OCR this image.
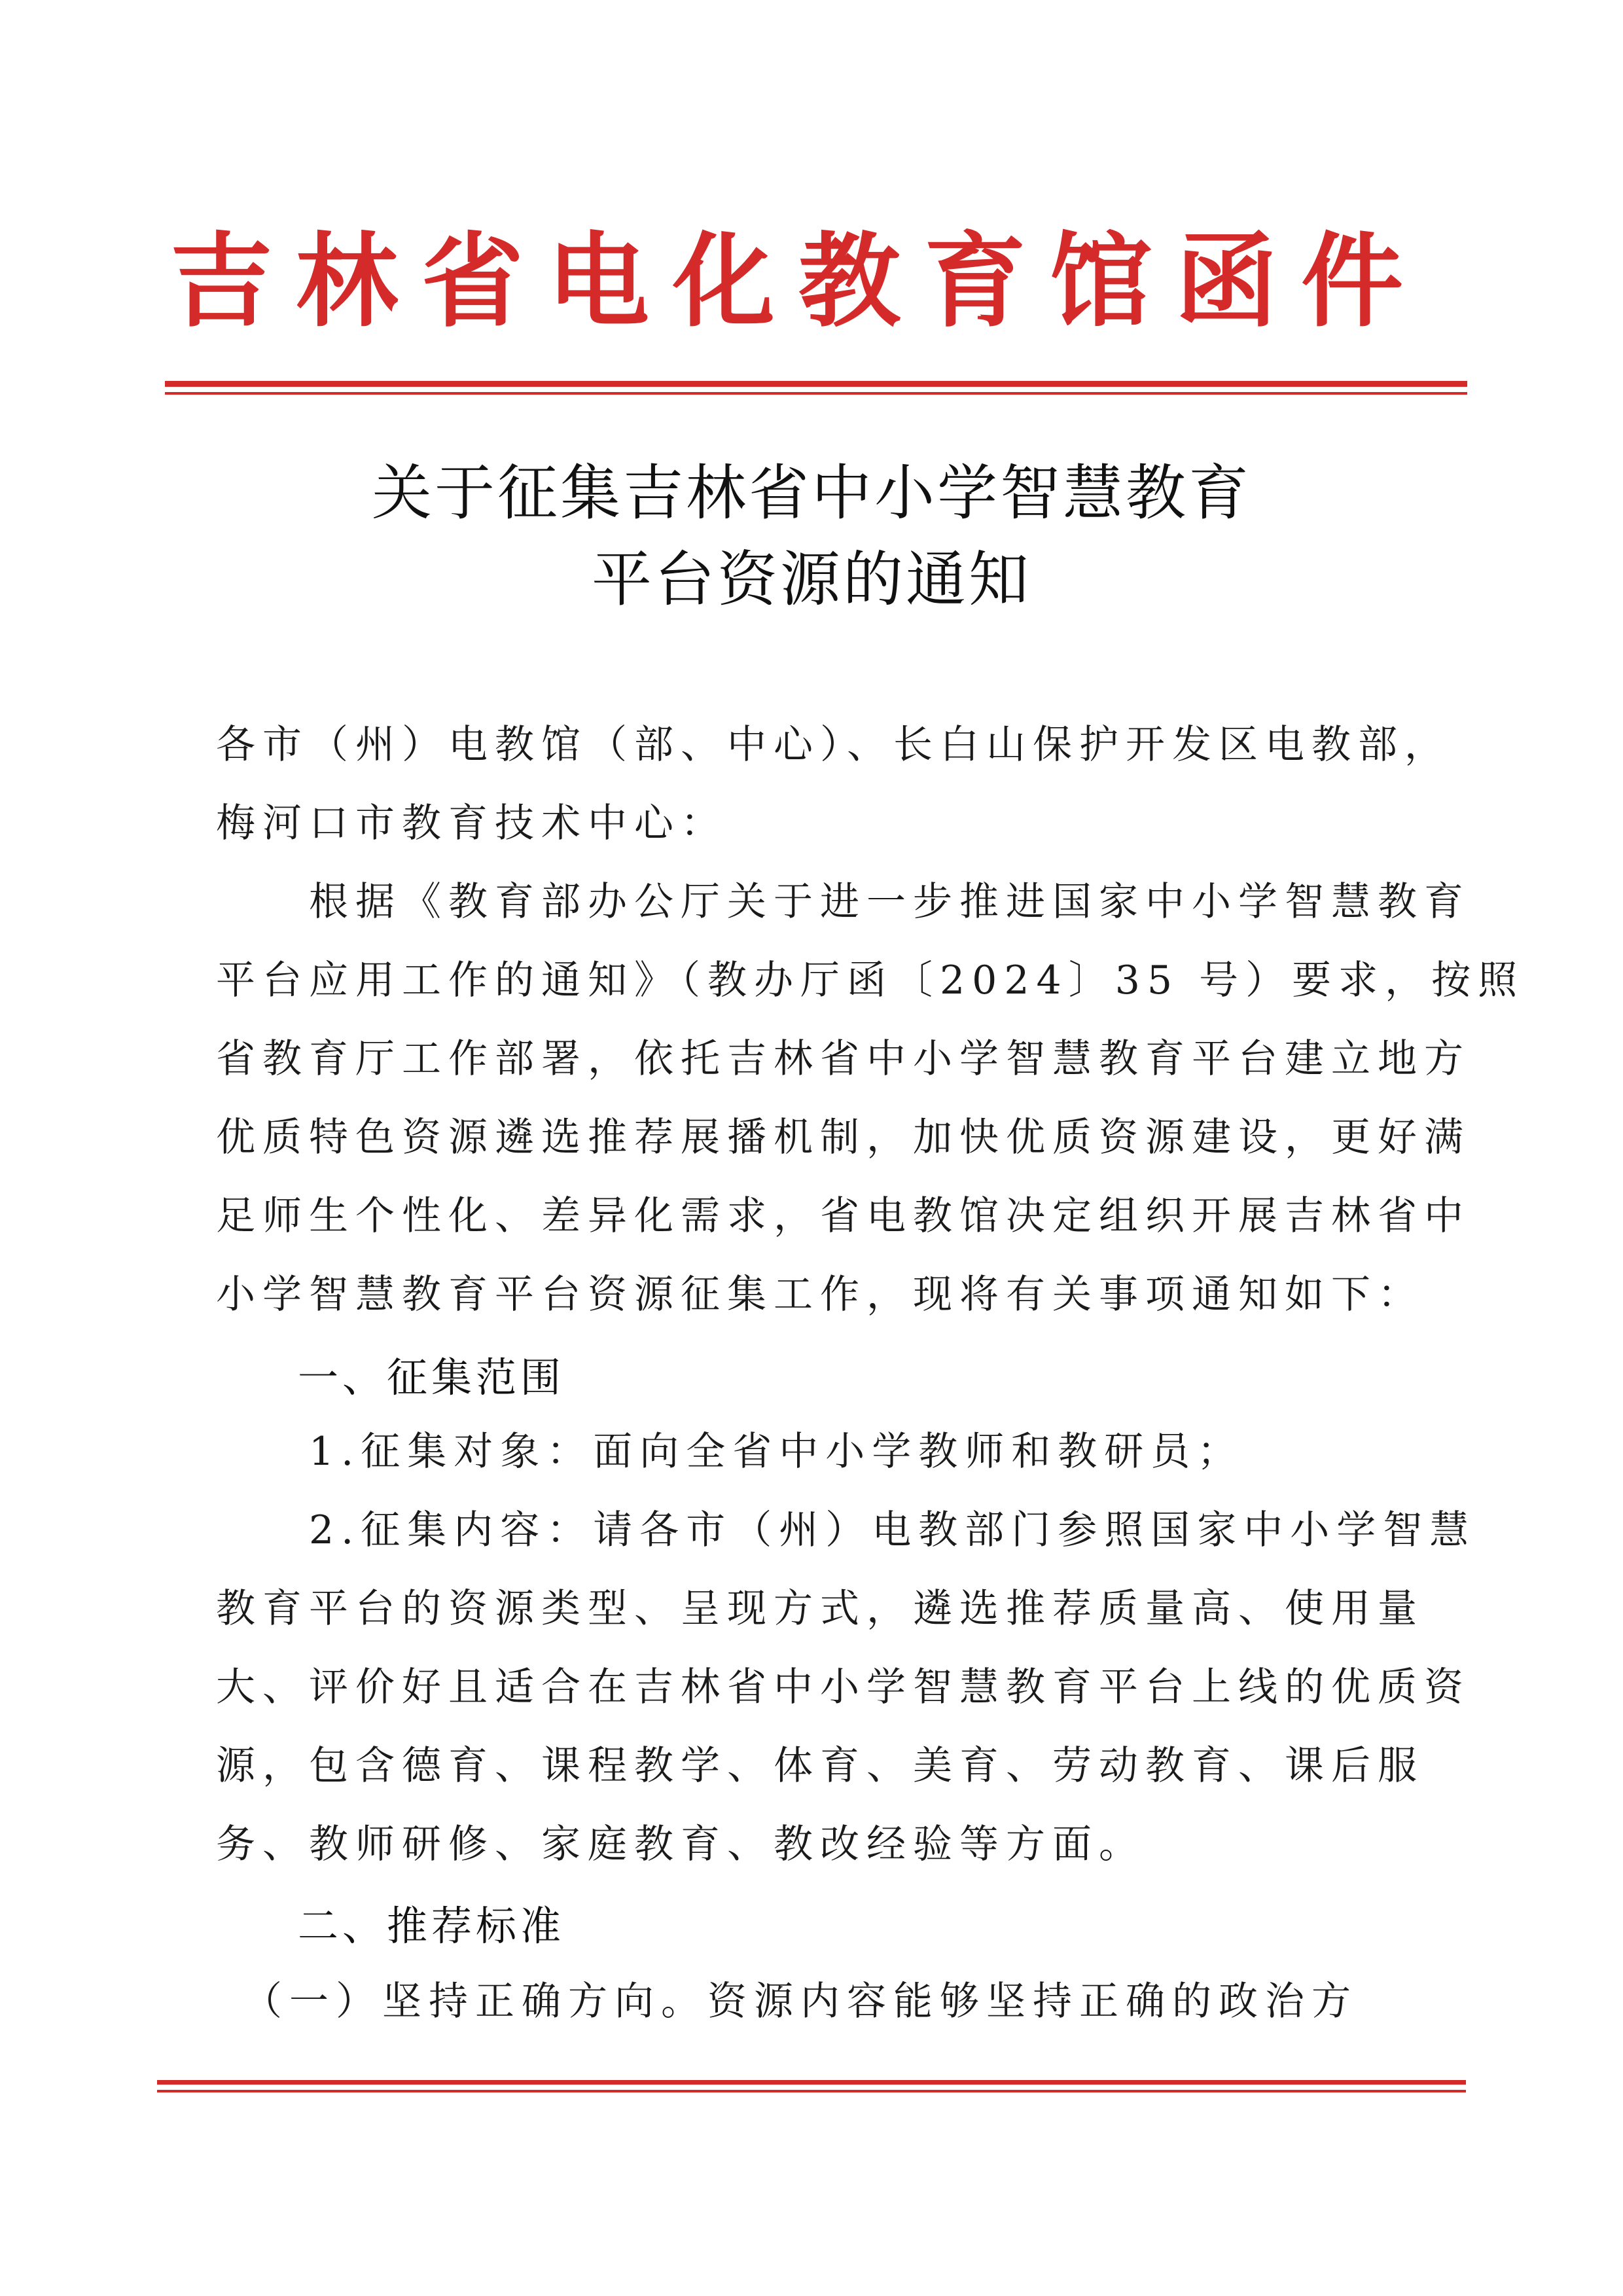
吉林省电化教育馆函件
关于征集吉林省中小学智慧教育
平台资源的通知
各市（州）电教馆（部、中心）、长白山保护开发区电教部，
梅河口市教育技术中心：
　　根据《教育部办公厅关于进一步推进国家中小学智慧教育
平台应用工作的通知》（教办厅函〔2024〕35 号）要求，按照
省教育厅工作部署，依托吉林省中小学智慧教育平台建立地方
优质特色资源遴选推荐展播机制，加快优质资源建设，更好满
足师生个性化、差异化需求，省电教馆决定组织开展吉林省中
小学智慧教育平台资源征集工作，现将有关事项通知如下：
一、征集范围
　　1.征集对象：面向全省中小学教师和教研员；
　　2.征集内容：请各市（州）电教部门参照国家中小学智慧
教育平台的资源类型、呈现方式，遴选推荐质量高、使用量
大、评价好且适合在吉林省中小学智慧教育平台上线的优质资
源，包含德育、课程教学、体育、美育、劳动教育、课后服
务、教师研修、家庭教育、教改经验等方面。
二、推荐标准
　（一）坚持正确方向。资源内容能够坚持正确的政治方
